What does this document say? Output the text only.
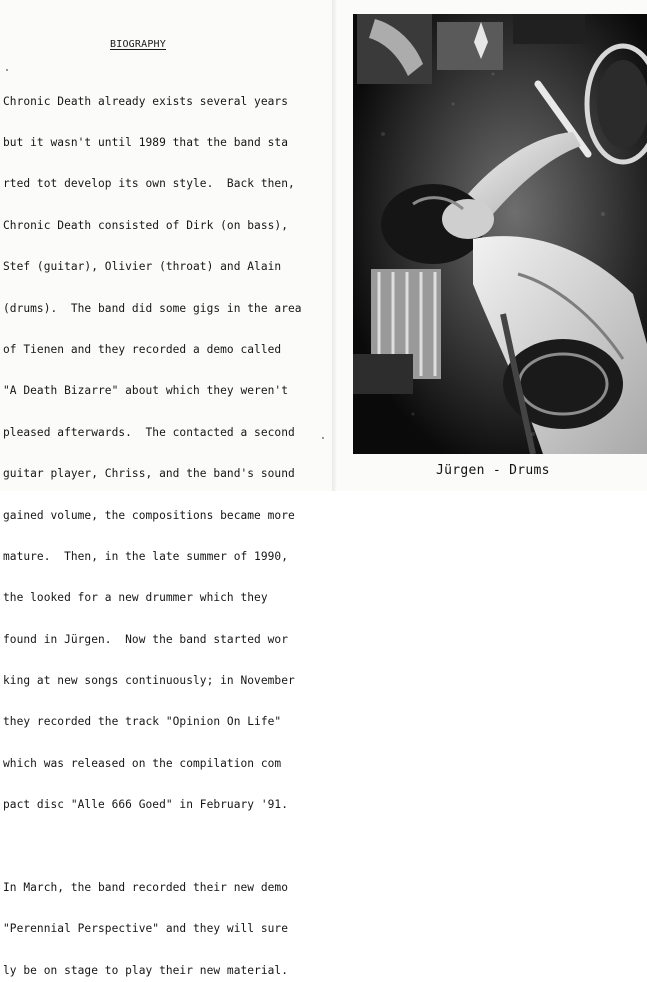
BIOGRAPHY

Chronic Death already exists several years

but it wasn't until 1989 that the band sta

rted tot develop its own style.  Back then,

Chronic Death consisted of Dirk (on bass),

Stef (guitar), Olivier (throat) and Alain

(drums).  The band did some gigs in the area

of Tienen and they recorded a demo called

"A Death Bizarre" about which they weren't

pleased afterwards.  The contacted a second

guitar player, Chriss, and the band's sound

gained volume, the compositions became more

mature.  Then, in the late summer of 1990,

the looked for a new drummer which they

found in Jürgen.  Now the band started wor

king at new songs continuously; in November

they recorded the track "Opinion On Life"

which was released on the compilation com

pact disc "Alle 666 Goed" in February '91.

In March, the band recorded their new demo

"Perennial Perspective" and they will sure

ly be on stage to play their new material.

Jürgen - Drums
